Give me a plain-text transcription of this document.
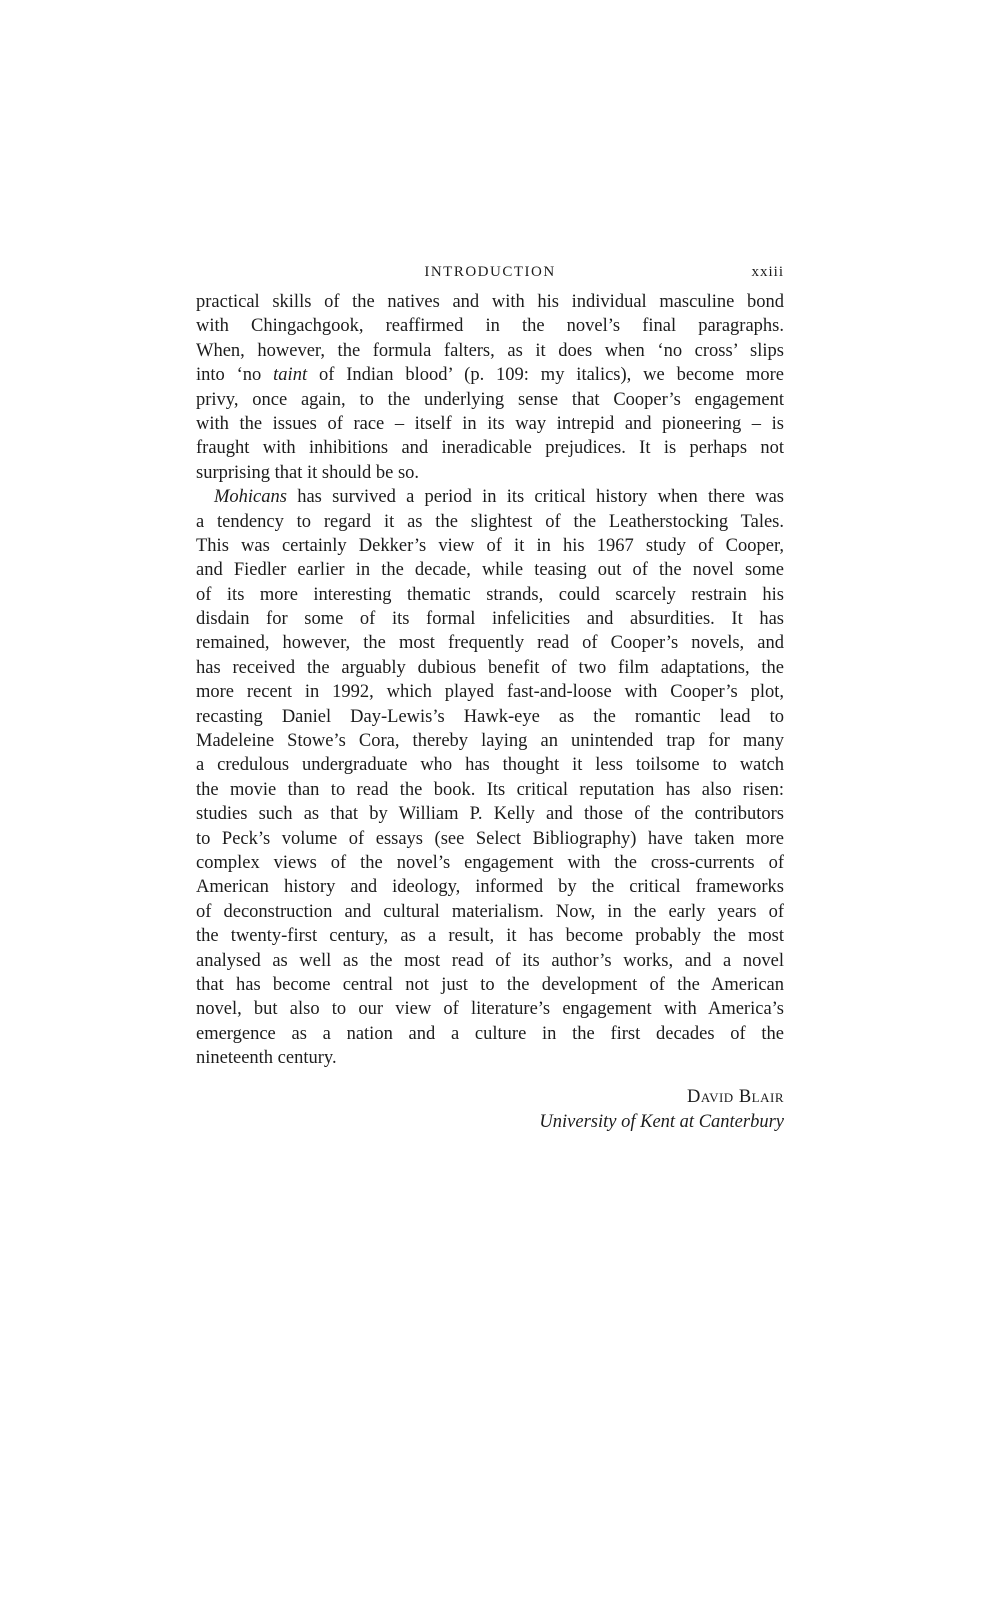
INTRODUCTION	xxiii
practical skills of the natives and with his individual masculine bond
with Chingachgook, reaffirmed in the novel’s final paragraphs.
When, however, the formula falters, as it does when ‘no cross’ slips
into ‘no taint of Indian blood’ (p. 109: my italics), we become more
privy, once again, to the underlying sense that Cooper’s engagement
with the issues of race – itself in its way intrepid and pioneering – is
fraught with inhibitions and ineradicable prejudices. It is perhaps not
surprising that it should be so.
Mohicans has survived a period in its critical history when there was
a tendency to regard it as the slightest of the Leatherstocking Tales.
This was certainly Dekker’s view of it in his 1967 study of Cooper,
and Fiedler earlier in the decade, while teasing out of the novel some
of its more interesting thematic strands, could scarcely restrain his
disdain for some of its formal infelicities and absurdities. It has
remained, however, the most frequently read of Cooper’s novels, and
has received the arguably dubious benefit of two film adaptations, the
more recent in 1992, which played fast-and-loose with Cooper’s plot,
recasting Daniel Day-Lewis’s Hawk-eye as the romantic lead to
Madeleine Stowe’s Cora, thereby laying an unintended trap for many
a credulous undergraduate who has thought it less toilsome to watch
the movie than to read the book. Its critical reputation has also risen:
studies such as that by William P. Kelly and those of the contributors
to Peck’s volume of essays (see Select Bibliography) have taken more
complex views of the novel’s engagement with the cross-currents of
American history and ideology, informed by the critical frameworks
of deconstruction and cultural materialism. Now, in the early years of
the twenty-first century, as a result, it has become probably the most
analysed as well as the most read of its author’s works, and a novel
that has become central not just to the development of the American
novel, but also to our view of literature’s engagement with America’s
emergence as a nation and a culture in the first decades of the
nineteenth century.
David Blair
University of Kent at Canterbury
